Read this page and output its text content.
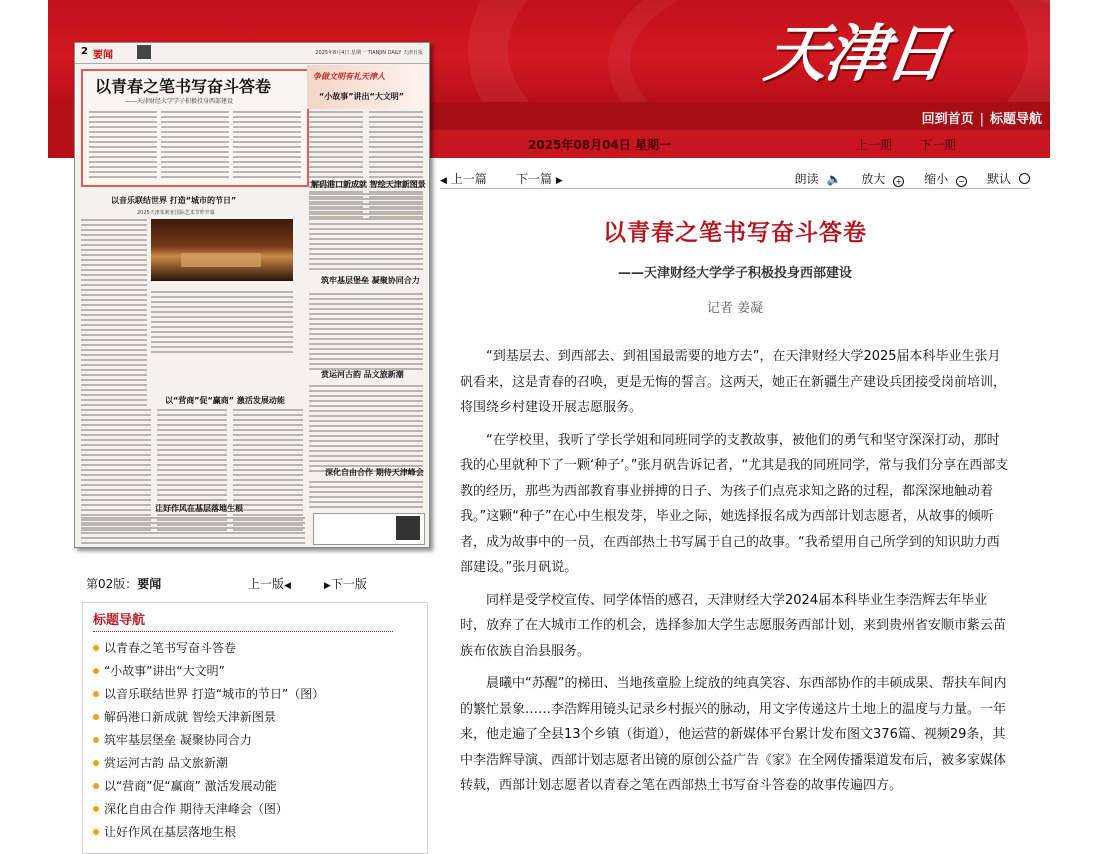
天津日報	回到首页 | 标题导航
2025年08月04日 星期一	上一期 下一期
2 要闻	2025年8月4日 星期一 TIANJIN DAILY 天津日报
以青春之笔书写奋斗答卷
——天津财经大学学子积极投身西部建设
争做文明有礼天津人
“小故事”讲出“大文明”
以音乐联结世界 打造“城市的节日”
2025天津茱莉亚国际艺术节昨开幕
解码港口新成就 智绘天津新图景
筑牢基层堡垒 凝聚协同合力
以“营商”促“赢商” 激活发展动能
赏运河古韵 品文旅新潮
深化自由合作 期待天津峰会
让好作风在基层落地生根
第02版：要闻	上一版◀	▶下一版
标题导航
以青春之笔书写奋斗答卷
“小故事”讲出“大文明”
以音乐联结世界 打造“城市的节日”（图）
解码港口新成就 智绘天津新图景
筑牢基层堡垒 凝聚协同合力
赏运河古韵 品文旅新潮
以“营商”促“赢商” 激活发展动能
深化自由合作 期待天津峰会（图）
让好作风在基层落地生根
◀ 上一篇 下一篇 ▶	朗读 🔈 放大 + 缩小 − 默认
以青春之笔书写奋斗答卷
——天津财经大学学子积极投身西部建设
记者 姜凝

“到基层去、到西部去、到祖国最需要的地方去”，在天津财经大学2025届本科毕业生张月矾看来，这是青春的召唤，更是无悔的誓言。这两天，她正在新疆生产建设兵团接受岗前培训，将围绕乡村建设开展志愿服务。

“在学校里，我听了学长学姐和同班同学的支教故事，被他们的勇气和坚守深深打动，那时我的心里就种下了一颗‘种子’。”张月矾告诉记者，“尤其是我的同班同学，常与我们分享在西部支教的经历，那些为西部教育事业拼搏的日子、为孩子们点亮求知之路的过程，都深深地触动着我。”这颗“种子”在心中生根发芽，毕业之际，她选择报名成为西部计划志愿者，从故事的倾听者，成为故事中的一员，在西部热土书写属于自己的故事。“我希望用自己所学到的知识助力西部建设。”张月矾说。

同样是受学校宣传、同学体悟的感召，天津财经大学2024届本科毕业生李浩辉去年毕业时，放弃了在大城市工作的机会，选择参加大学生志愿服务西部计划，来到贵州省安顺市紫云苗族布依族自治县服务。

晨曦中“苏醒”的梯田、当地孩童脸上绽放的纯真笑容、东西部协作的丰硕成果、帮扶车间内的繁忙景象……李浩辉用镜头记录乡村振兴的脉动，用文字传递这片土地上的温度与力量。一年来，他走遍了全县13个乡镇（街道），他运营的新媒体平台累计发布图文376篇、视频29条，其中李浩辉导演、西部计划志愿者出镜的原创公益广告《家》在全网传播渠道发布后，被多家媒体转载，西部计划志愿者以青春之笔在西部热土书写奋斗答卷的故事传遍四方。
